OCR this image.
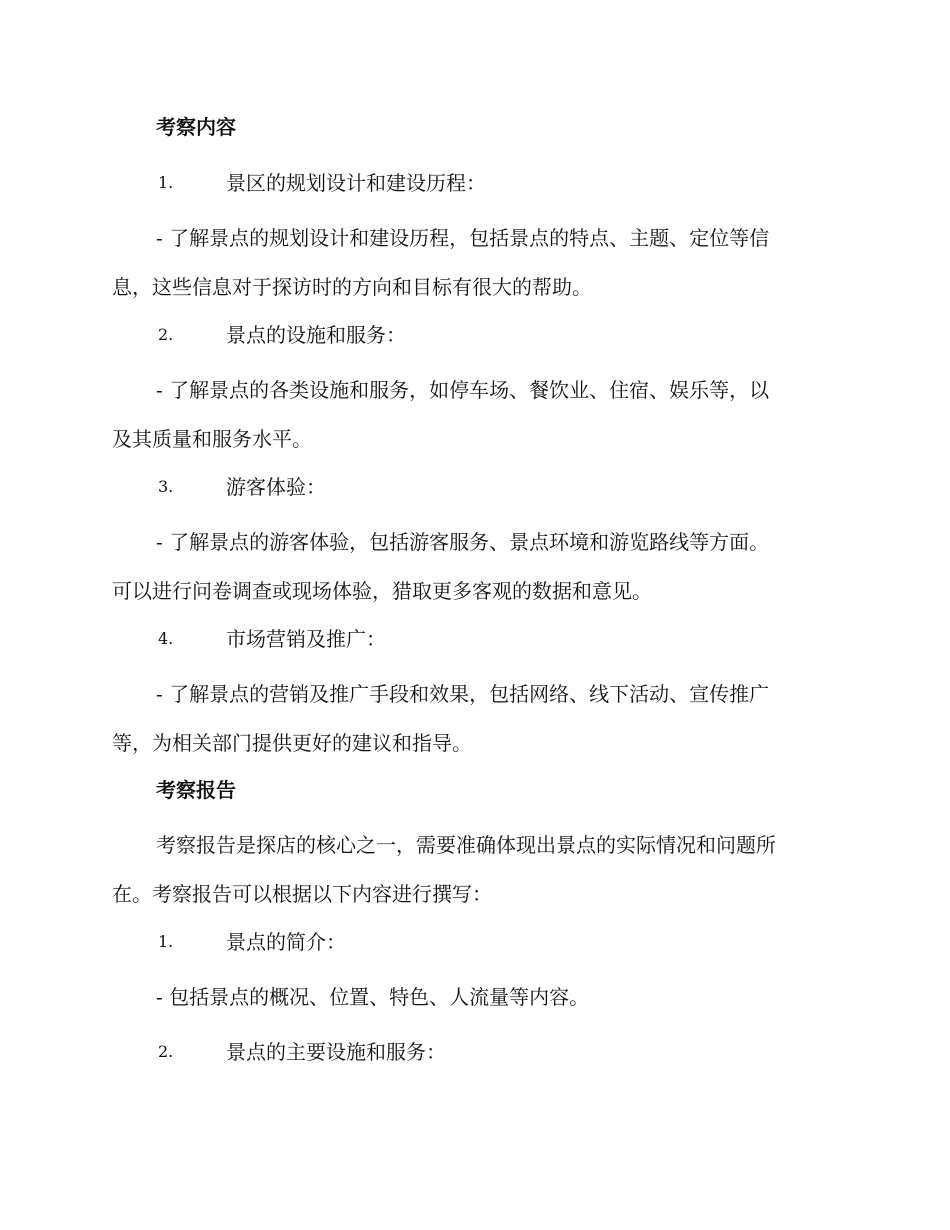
考察内容
1.	景区的规划设计和建设历程：
- 了解景点的规划设计和建设历程，包括景点的特点、主题、定位等信
息，这些信息对于探访时的方向和目标有很大的帮助。
2.	景点的设施和服务：
- 了解景点的各类设施和服务，如停车场、餐饮业、住宿、娱乐等，以
及其质量和服务水平。
3.	游客体验：
- 了解景点的游客体验，包括游客服务、景点环境和游览路线等方面。
可以进行问卷调查或现场体验，猎取更多客观的数据和意见。
4.	市场营销及推广：
- 了解景点的营销及推广手段和效果，包括网络、线下活动、宣传推广
等，为相关部门提供更好的建议和指导。
考察报告
考察报告是探店的核心之一，需要准确体现出景点的实际情况和问题所
在。考察报告可以根据以下内容进行撰写：
1.	景点的简介：
- 包括景点的概况、位置、特色、人流量等内容。
2.	景点的主要设施和服务：
